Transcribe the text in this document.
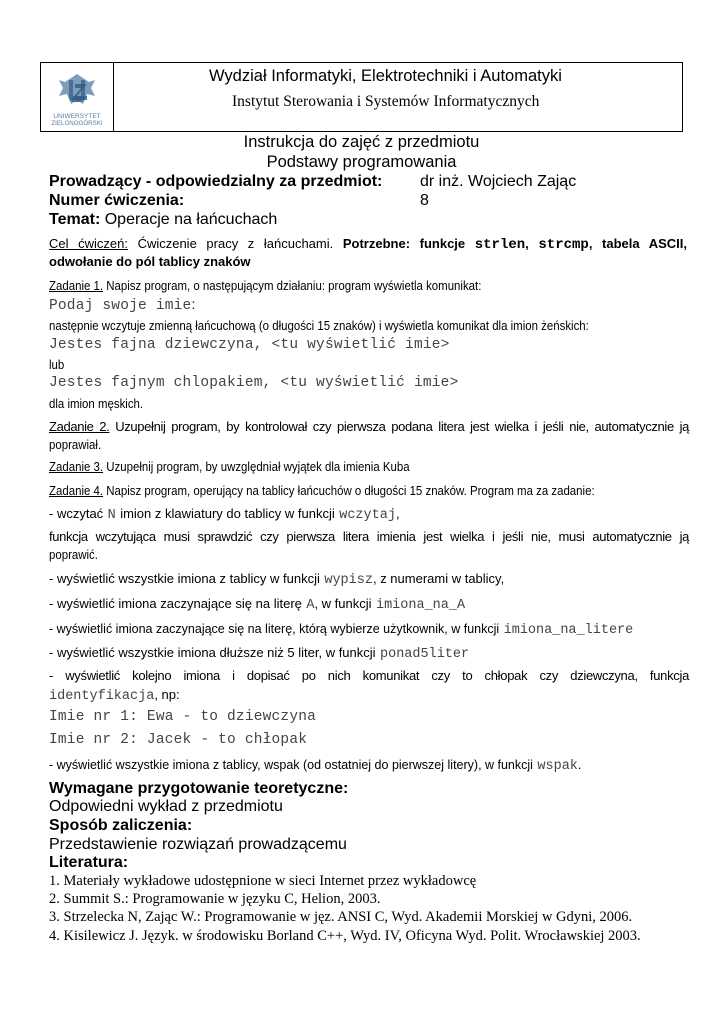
UNIWERSYTET
ZIELONOGÓRSKI
Wydział Informatyki, Elektrotechniki i Automatyki
Instytut Sterowania i Systemów Informatycznych
Instrukcja do zajęć z przedmiotu
Podstawy programowania
Prowadzący - odpowiedzialny za przedmiot: dr inż. Wojciech Zając
Numer ćwiczenia:	8
Temat: Operacje na łańcuchach
Cel ćwiczeń: Ćwiczenie pracy z łańcuchami. Potrzebne: funkcje strlen, strcmp, tabela ASCII,
odwołanie do pól tablicy znaków
Zadanie 1. Napisz program, o następującym działaniu: program wyświetla komunikat:
Podaj swoje imie:
następnie wczytuje zmienną łańcuchową (o długości 15 znaków) i wyświetla komunikat dla imion żeńskich:
Jestes fajna dziewczyna, <tu wyświetlić imie>
lub
Jestes fajnym chlopakiem, <tu wyświetlić imie>
dla imion męskich.
Zadanie 2. Uzupełnij program, by kontrolował czy pierwsza podana litera jest wielka i jeśli nie, automatycznie ją
poprawiał.
Zadanie 3. Uzupełnij program, by uwzględniał wyjątek dla imienia Kuba
Zadanie 4. Napisz program, operujący na tablicy łańcuchów o długości 15 znaków. Program ma za zadanie:
- wczytać N imion z klawiatury do tablicy w funkcji wczytaj,
funkcja wczytująca musi sprawdzić czy pierwsza litera imienia jest wielka i jeśli nie, musi automatycznie ją
poprawić.
- wyświetlić wszystkie imiona z tablicy w funkcji wypisz, z numerami w tablicy,
- wyświetlić imiona zaczynające się na literę A, w funkcji imiona_na_A
- wyświetlić imiona zaczynające się na literę, którą wybierze użytkownik, w funkcji imiona_na_litere
- wyświetlić wszystkie imiona dłuższe niż 5 liter, w funkcji ponad5liter
- wyświetlić kolejno imiona i dopisać po nich komunikat czy to chłopak czy dziewczyna, funkcja
identyfikacja, np:
Imie nr 1: Ewa - to dziewczyna
Imie nr 2: Jacek - to chłopak
- wyświetlić wszystkie imiona z tablicy, wspak (od ostatniej do pierwszej litery), w funkcji wspak.
Wymagane przygotowanie teoretyczne:
Odpowiedni wykład z przedmiotu
Sposób zaliczenia:
Przedstawienie rozwiązań prowadzącemu
Literatura:
1. Materiały wykładowe udostępnione w sieci Internet przez wykładowcę
2. Summit S.: Programowanie w języku C, Helion, 2003.
3. Strzelecka N, Zając W.: Programowanie w jęz. ANSI C, Wyd. Akademii Morskiej w Gdyni, 2006.
4. Kisilewicz J. Język. w środowisku Borland C++, Wyd. IV, Oficyna Wyd. Polit. Wrocławskiej 2003.
